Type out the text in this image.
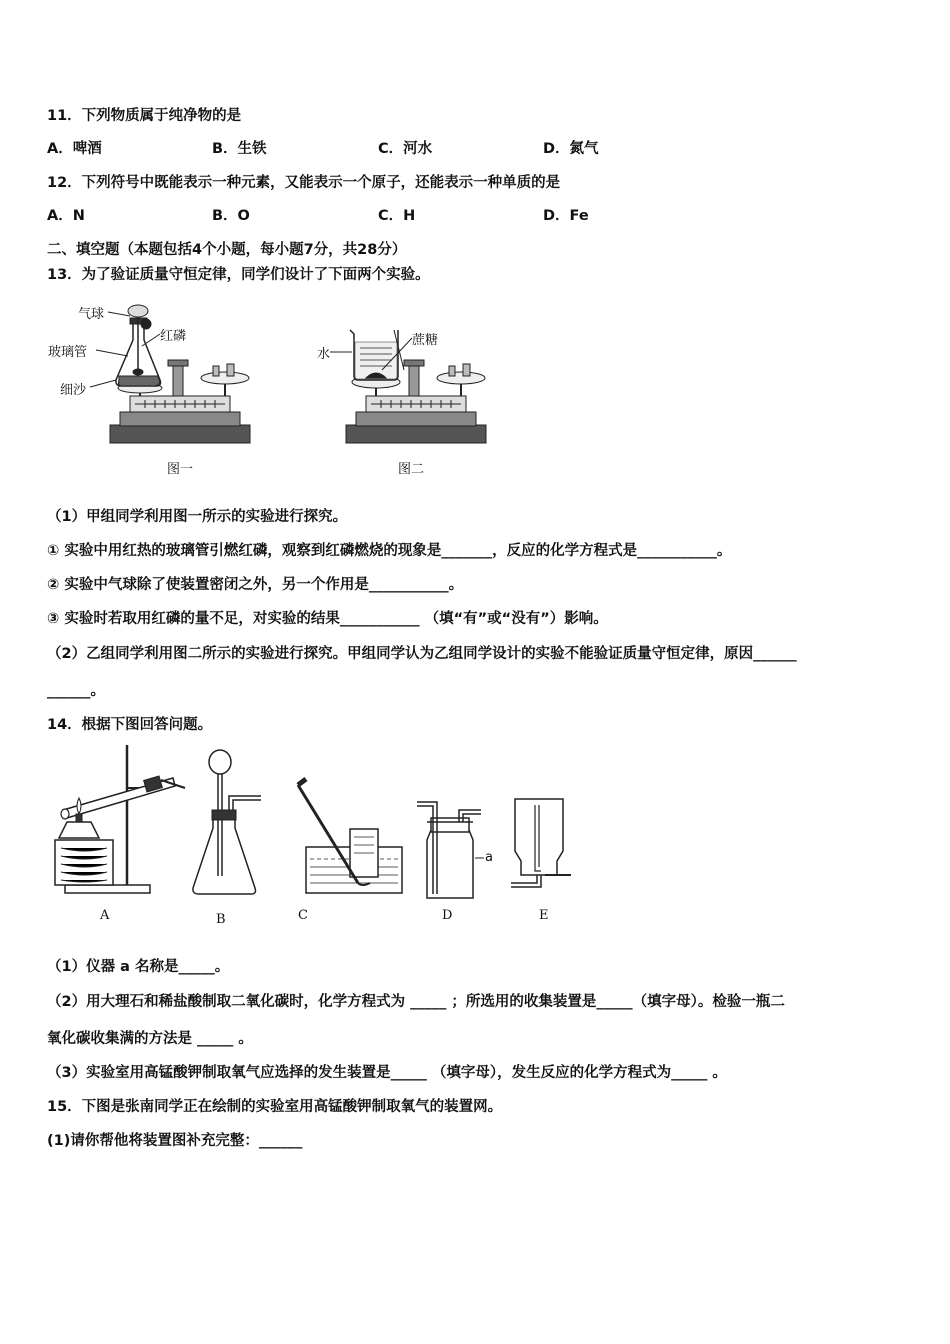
11．下列物质属于纯净物的是
A．啤酒	B．生铁	C．河水	D．氮气
12．下列符号中既能表示一种元素，又能表示一个原子，还能表示一种单质的是
A．N	B．O	C．H	D．Fe
二、填空题（本题包括4个小题，每小题7分，共28分）
13．为了验证质量守恒定律，同学们设计了下面两个实验。
气球
红磷
玻璃管
细沙
图一
水
蔗糖
图二
（1）甲组同学利用图一所示的实验进行探究。
① 实验中用红热的玻璃管引燃红磷，观察到红磷燃烧的现象是_______，反应的化学方程式是___________。
② 实验中气球除了使装置密闭之外，另一个作用是___________。
③ 实验时若取用红磷的量不足，对实验的结果___________ （填“有”或“没有”）影响。
（2）乙组同学利用图二所示的实验进行探究。甲组同学认为乙组同学设计的实验不能验证质量守恒定律，原因______
______。
14．根据下图回答问题。
A	B	C
a
D	E
（1）仪器 a 名称是_____。
（2）用大理石和稀盐酸制取二氧化碳时，化学方程式为 _____ ；所选用的收集装置是_____（填字母）。检验一瓶二
氧化碳收集满的方法是 _____ 。
（3）实验室用高锰酸钾制取氧气应选择的发生装置是_____ （填字母），发生反应的化学方程式为_____ 。
15．下图是张南同学正在绘制的实验室用高锰酸钾制取氧气的装置网。
(1)请你帮他将装置图补充完整：______
